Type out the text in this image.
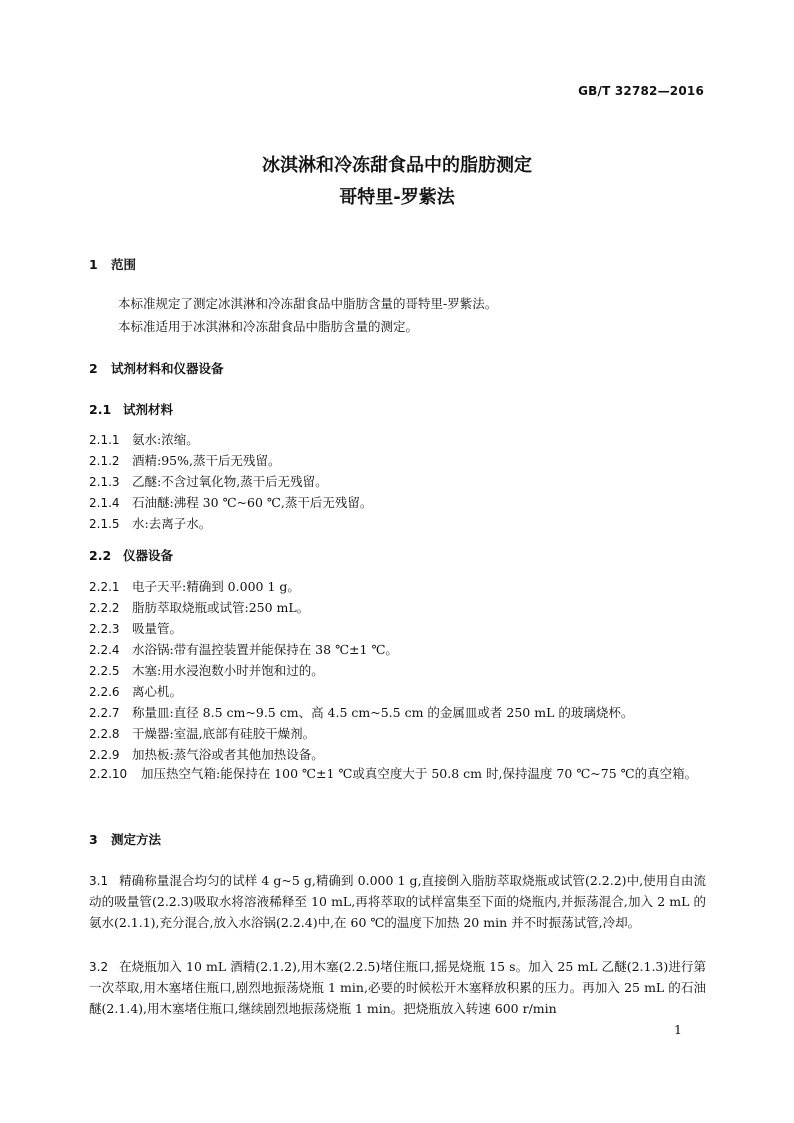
GB/T 32782—2016
冰淇淋和冷冻甜食品中的脂肪测定
哥特里-罗紫法
1 范围
本标准规定了测定冰淇淋和冷冻甜食品中脂肪含量的哥特里-罗紫法。
本标准适用于冰淇淋和冷冻甜食品中脂肪含量的测定。
2 试剂材料和仪器设备
2.1 试剂材料
2.1.1 氨水:浓缩。
2.1.2 酒精:95%,蒸干后无残留。
2.1.3 乙醚:不含过氧化物,蒸干后无残留。
2.1.4 石油醚:沸程 30 ℃~60 ℃,蒸干后无残留。
2.1.5 水:去离子水。
2.2 仪器设备
2.2.1 电子天平:精确到 0.000 1 g。
2.2.2 脂肪萃取烧瓶或试管:250 mL。
2.2.3 吸量管。
2.2.4 水浴锅:带有温控装置并能保持在 38 ℃±1 ℃。
2.2.5 木塞:用水浸泡数小时并饱和过的。
2.2.6 离心机。
2.2.7 称量皿:直径 8.5 cm~9.5 cm、高 4.5 cm~5.5 cm 的金属皿或者 250 mL 的玻璃烧杯。
2.2.8 干燥器:室温,底部有硅胶干燥剂。
2.2.9 加热板:蒸气浴或者其他加热设备。
2.2.10 加压热空气箱:能保持在 100 ℃±1 ℃或真空度大于 50.8 cm 时,保持温度 70 ℃~75 ℃的真空箱。
3 测定方法
3.1 精确称量混合均匀的试样 4 g~5 g,精确到 0.000 1 g,直接倒入脂肪萃取烧瓶或试管(2.2.2)中,使用自由流动的吸量管(2.2.3)吸取水将溶液稀释至 10 mL,再将萃取的试样富集至下面的烧瓶内,并振荡混合,加入 2 mL 的氨水(2.1.1),充分混合,放入水浴锅(2.2.4)中,在 60 ℃的温度下加热 20 min 并不时振荡试管,冷却。
3.2 在烧瓶加入 10 mL 酒精(2.1.2),用木塞(2.2.5)堵住瓶口,摇晃烧瓶 15 s。加入 25 mL 乙醚(2.1.3)进行第一次萃取,用木塞堵住瓶口,剧烈地振荡烧瓶 1 min,必要的时候松开木塞释放积累的压力。再加入 25 mL 的石油醚(2.1.4),用木塞堵住瓶口,继续剧烈地振荡烧瓶 1 min。把烧瓶放入转速 600 r/min
1
